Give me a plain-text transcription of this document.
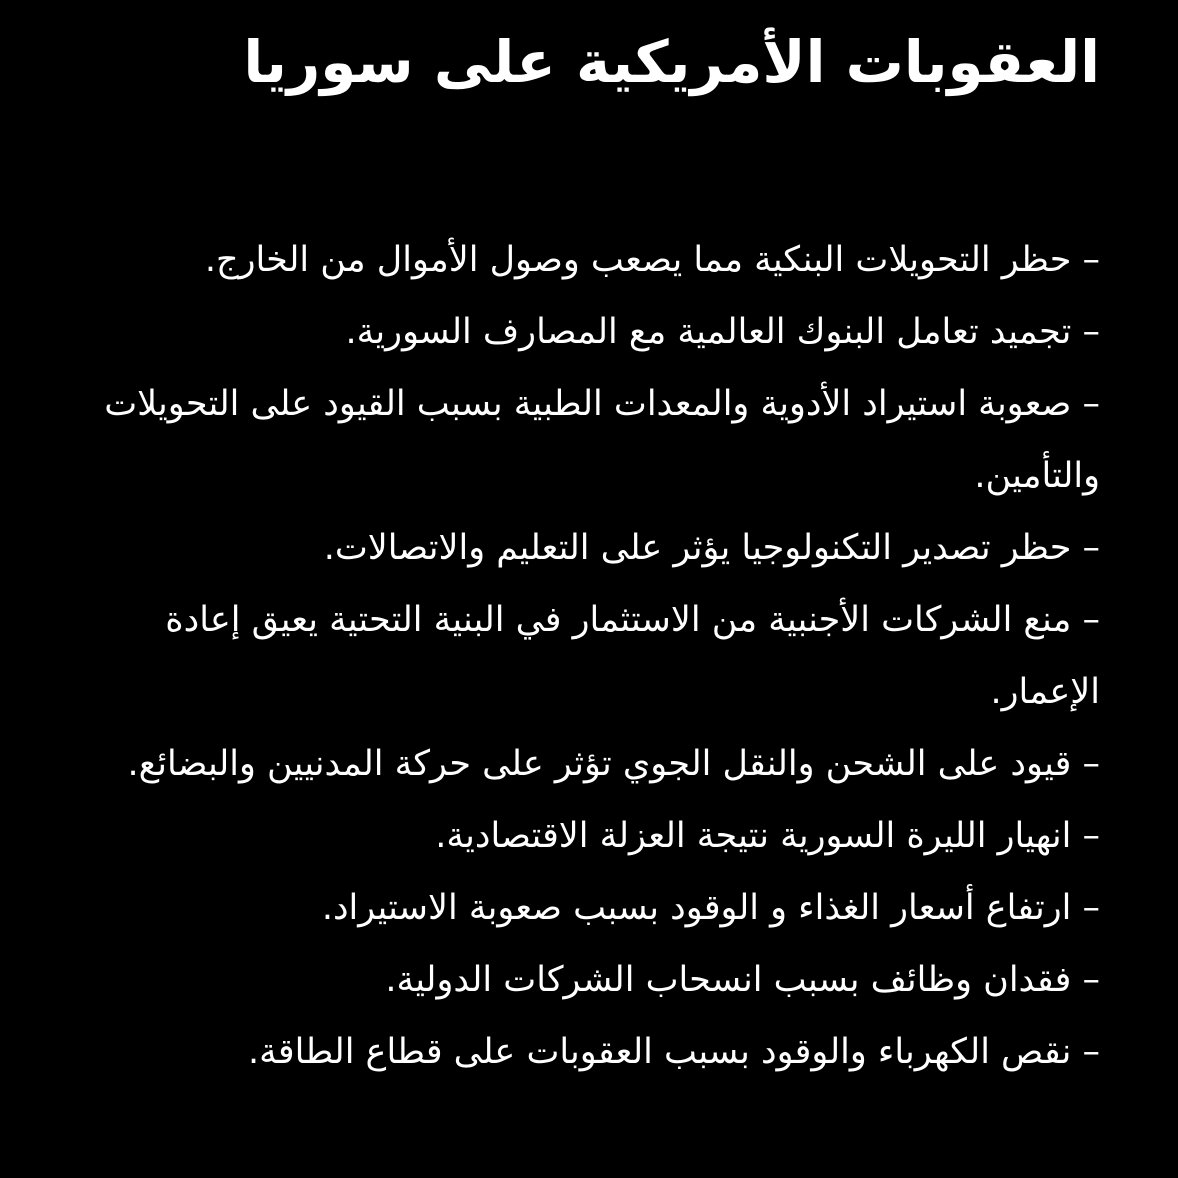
العقوبات الأمريكية على سوريا
– حظر التحويلات البنكية مما يصعب وصول الأموال من الخارج.
– تجميد تعامل البنوك العالمية مع المصارف السورية.
– صعوبة استيراد الأدوية والمعدات الطبية بسبب القيود على التحويلات والتأمين.
– حظر تصدير التكنولوجيا يؤثر على التعليم والاتصالات.
– منع الشركات الأجنبية من الاستثمار في البنية التحتية يعيق إعادة الإعمار.
– قيود على الشحن والنقل الجوي تؤثر على حركة المدنيين والبضائع.
– انهيار الليرة السورية نتيجة العزلة الاقتصادية.
– ارتفاع أسعار الغذاء و الوقود بسبب صعوبة الاستيراد.
– فقدان وظائف بسبب انسحاب الشركات الدولية.
– نقص الكهرباء والوقود بسبب العقوبات على قطاع الطاقة.
